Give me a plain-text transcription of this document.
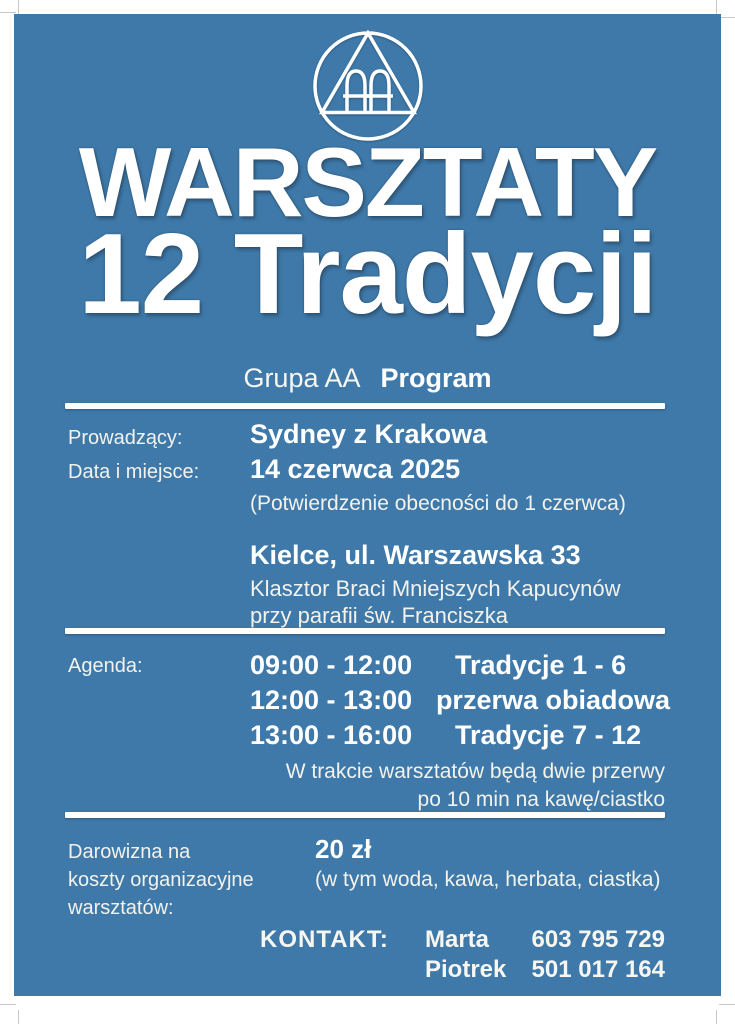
WARSZTATY
12 Tradycji
Grupa AA Program
Prowadzący:	Sydney z Krakowa
Data i miejsce: 14 czerwca 2025
(Potwierdzenie obecności do 1 czerwca)
Kielce, ul. Warszawska 33
Klasztor Braci Mniejszych Kapucynów
przy parafii św. Franciszka
Agenda:	09:00 - 12:00	Tradycje 1 - 6
12:00 - 13:00 przerwa obiadowa
13:00 - 16:00	Tradycje 7 - 12
W trakcie warsztatów będą dwie przerwy
po 10 min na kawę/ciastko
Darowizna na
koszty organizacyjne
warsztatów:
20 zł
(w tym woda, kawa, herbata, ciastka)
KONTAKT: Marta 603 795 729
Piotrek 501 017 164
